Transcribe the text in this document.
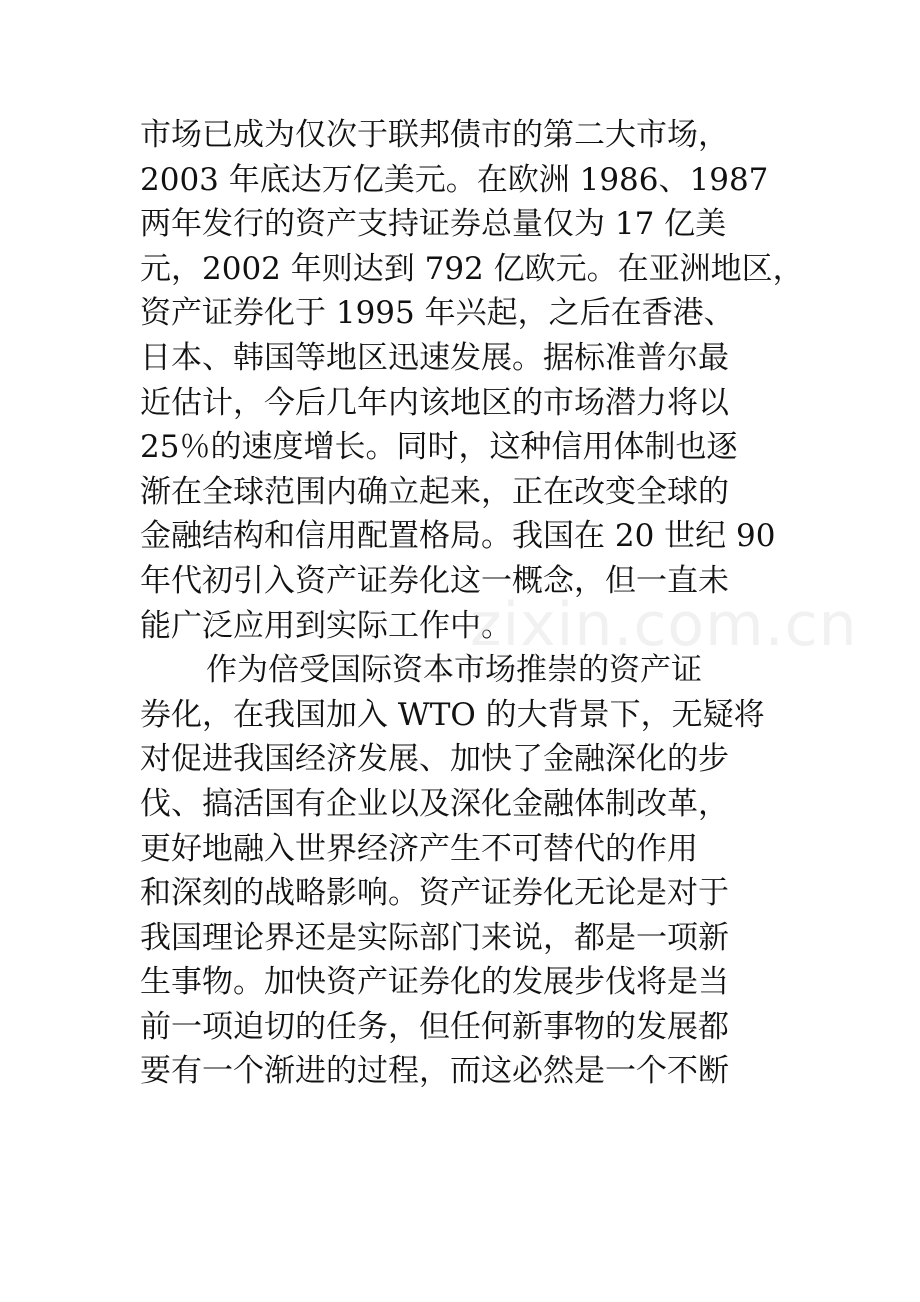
市场已成为仅次于联邦债市的第二大市场，
2003 年底达万亿美元。在欧洲 1986、1987
两年发行的资产支持证券总量仅为 17 亿美
元，2002 年则达到 792 亿欧元。在亚洲地区，
资产证券化于 1995 年兴起，之后在香港、
日本、韩国等地区迅速发展。据标准普尔最
近估计，今后几年内该地区的市场潜力将以
25％的速度增长。同时，这种信用体制也逐
渐在全球范围内确立起来，正在改变全球的
金融结构和信用配置格局。我国在 20 世纪 90
年代初引入资产证券化这一概念，但一直未
能广泛应用到实际工作中。
作为倍受国际资本市场推崇的资产证
券化，在我国加入 WTO 的大背景下，无疑将
对促进我国经济发展、加快了金融深化的步
伐、搞活国有企业以及深化金融体制改革，
更好地融入世界经济产生不可替代的作用
和深刻的战略影响。资产证券化无论是对于
我国理论界还是实际部门来说，都是一项新
生事物。加快资产证券化的发展步伐将是当
前一项迫切的任务，但任何新事物的发展都
要有一个渐进的过程，而这必然是一个不断
zixin.com.cn
